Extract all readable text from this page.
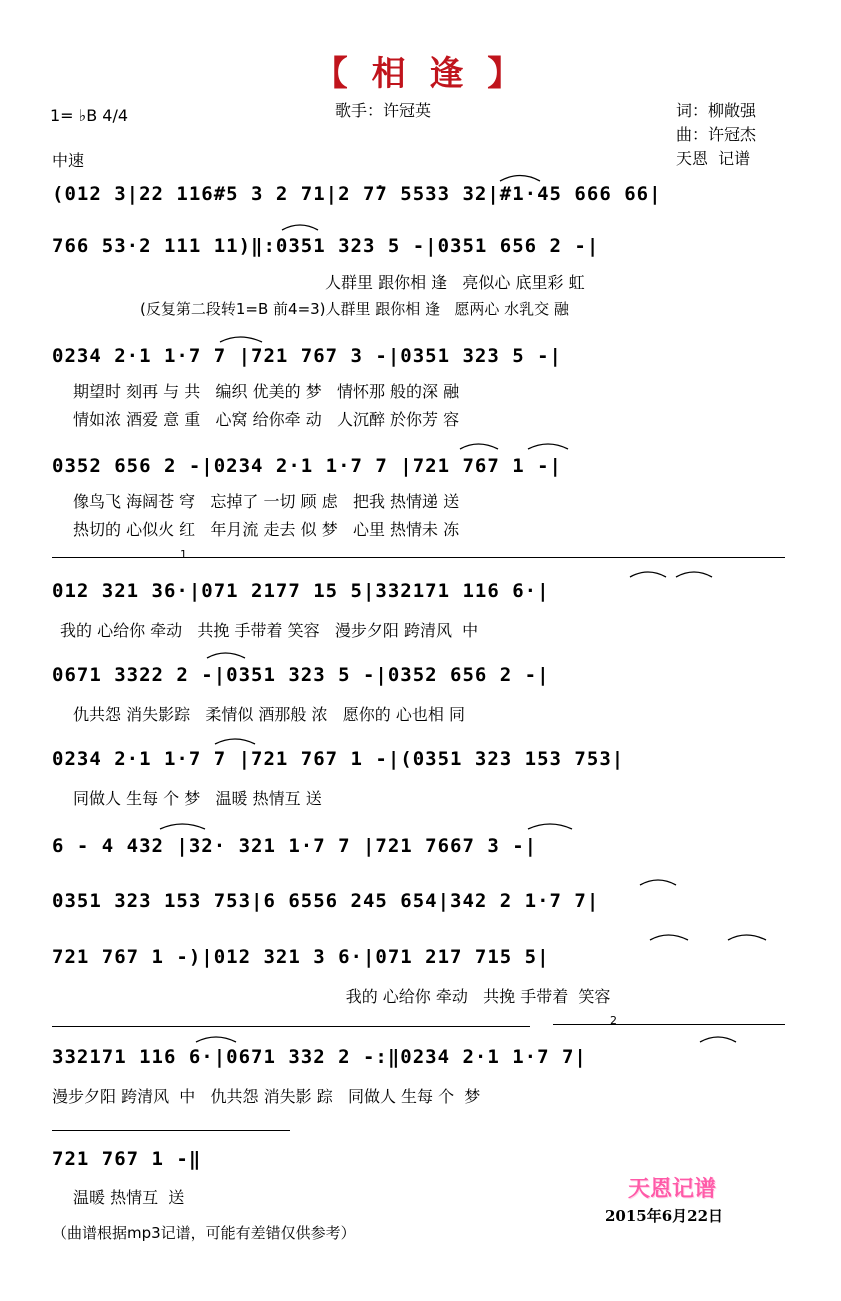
【 相 逢 】
1= ♭B 4/4
中速
歌手：许冠英	词：柳敞强
曲：许冠杰
天恩  记谱
(012 3|22 116#5 3 2 71|2 7̇7 5533 32|#1·45 666 66|
766 53·2 111 11)‖:0351 323 5 -|0351 656 2 -|
人群里 跟你相 逢   亮似心 底里彩 虹
(反复第二段转1=B 前4=3)人群里 跟你相 逢   愿两心 水乳交 融
0234 2·1 1·7 7 |721 767 3 -|0351 323 5 -|
期望时 刻再 与 共   编织 优美的 梦   情怀那 般的深 融
情如浓 酒爱 意 重   心窝 给你牵 动   人沉醉 於你芳 容
0352 656 2 -|0234 2·1 1·7 7 |721 767 1 -|
像鸟飞 海阔苍 穹   忘掉了 一切 顾 虑   把我 热情递 送
热切的 心似火 红   年月流 走去 似 梦   心里 热情未 冻
1
012 321 36·|071 2177 15 5|332171 116 6·|
我的 心给你 牵动   共挽 手带着 笑容   漫步夕阳 跨清风  中
0671 3322 2 -|0351 323 5 -|0352 656 2 -|
仇共怨 消失影踪   柔情似 酒那般 浓   愿你的 心也相 同
0234 2·1 1·7 7 |721 767 1 -|(0351 323 153 753|
同做人 生每 个 梦   温暖 热情互 送
6 - 4 432 |32· 321 1·7 7 |721 7667 3 -|
0351 323 153 753|6 6556 245 654|342 2 1·7 7|
721 767 1 -)|012 321 3 6·|071 217 715 5|
我的 心给你 牵动   共挽 手带着  笑容
2
332171 116 6·|0671 332 2 -:‖0234 2·1 1·7 7|
漫步夕阳 跨清风  中   仇共怨 消失影 踪   同做人 生每 个  梦
721 767 1 -‖
温暖 热情互  送
（曲谱根据mp3记谱，可能有差错仅供参考）
天恩记谱
2015年6月22日
